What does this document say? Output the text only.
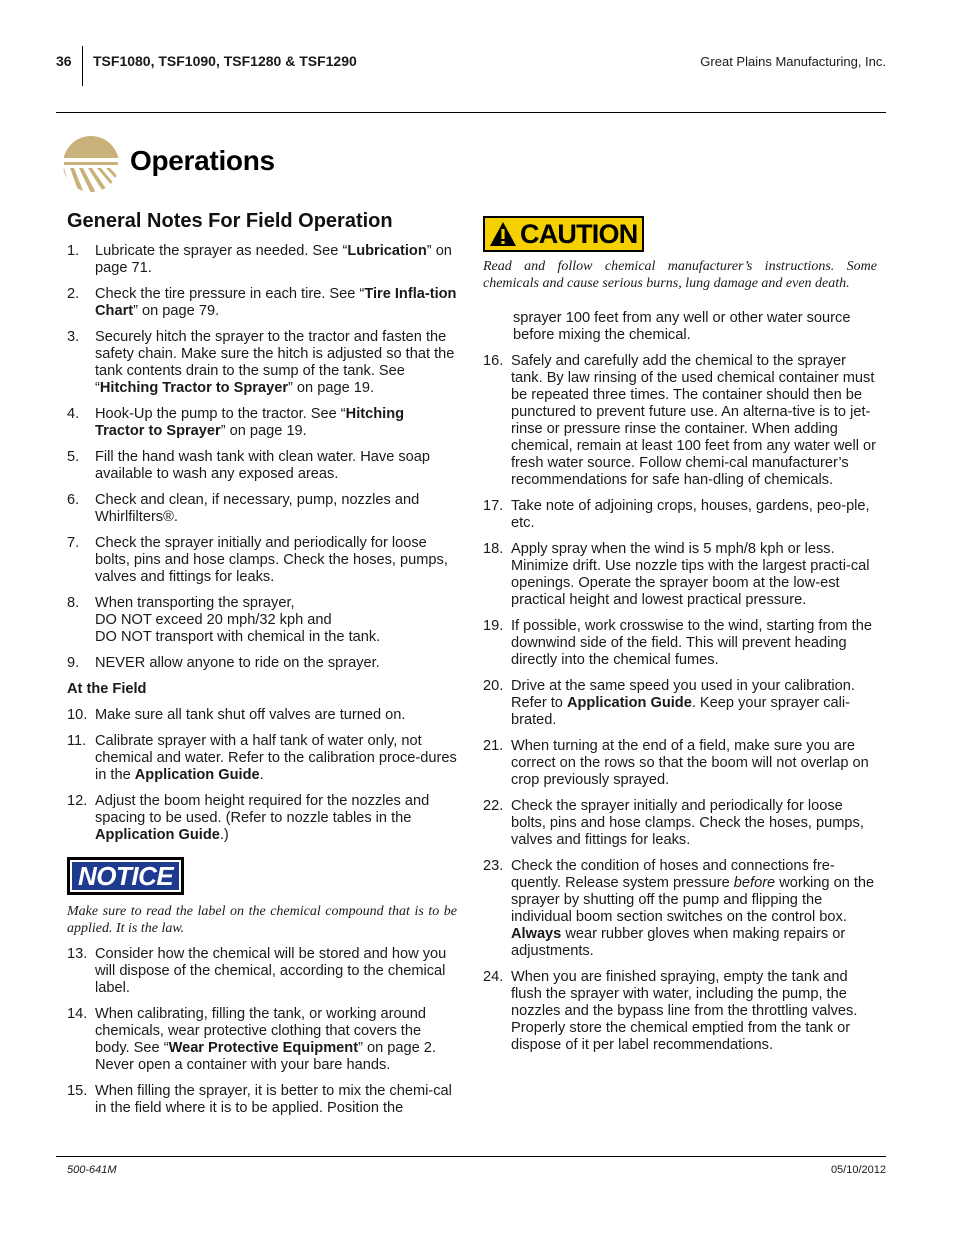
36 TSF1080, TSF1090, TSF1280 & TSF1290	Great Plains Manufacturing, Inc.
Operations
General Notes For Field Operation
1.	Lubricate the sprayer as needed. See “Lubrication” on page 71.
2.	Check the tire pressure in each tire. See “Tire Infla-tion Chart” on page 79.
3.	Securely hitch the sprayer to the tractor and fasten the safety chain. Make sure the hitch is adjusted so that the tank contents drain to the sump of the tank. See “Hitching Tractor to Sprayer” on page 19.
4.	Hook-Up the pump to the tractor. See “Hitching Tractor to Sprayer” on page 19.
5.	Fill the hand wash tank with clean water. Have soap available to wash any exposed areas.
6.	Check and clean, if necessary, pump, nozzles and Whirlfilters®.
7.	Check the sprayer initially and periodically for loose bolts, pins and hose clamps. Check the hoses, pumps, valves and fittings for leaks.
8.	When transporting the sprayer,
DO NOT exceed 20 mph/32 kph and
DO NOT transport with chemical in the tank.
9.	NEVER allow anyone to ride on the sprayer.
At the Field
10. Make sure all tank shut off valves are turned on.
11. Calibrate sprayer with a half tank of water only, not chemical and water. Refer to the calibration proce-dures in the Application Guide.
12. Adjust the boom height required for the nozzles and spacing to be used. (Refer to nozzle tables in the Application Guide.)
NOTICE
Make sure to read the label on the chemical compound that is to be applied. It is the law.
13. Consider how the chemical will be stored and how you will dispose of the chemical, according to the chemical label.
14. When calibrating, filling the tank, or working around chemicals, wear protective clothing that covers the body. See “Wear Protective Equipment” on page 2. Never open a container with your bare hands.
15. When filling the sprayer, it is better to mix the chemi-cal in the field where it is to be applied. Position the
CAUTION
Read and follow chemical manufacturer’s instructions. Some chemicals and cause serious burns, lung damage and even death.
sprayer 100 feet from any well or other water source before mixing the chemical.
16. Safely and carefully add the chemical to the sprayer tank. By law rinsing of the used chemical container must be repeated three times. The container should then be punctured to prevent future use. An alterna-tive is to jet-rinse or pressure rinse the container. When adding chemical, remain at least 100 feet from any water well or fresh water source. Follow chemi-cal manufacturer’s recommendations for safe han-dling of chemicals.
17. Take note of adjoining crops, houses, gardens, peo-ple, etc.
18. Apply spray when the wind is 5 mph/8 kph or less. Minimize drift. Use nozzle tips with the largest practi-cal openings. Operate the sprayer boom at the low-est practical height and lowest practical pressure.
19. If possible, work crosswise to the wind, starting from the downwind side of the field. This will prevent heading directly into the chemical fumes.
20. Drive at the same speed you used in your calibration. Refer to Application Guide. Keep your sprayer cali-brated.
21. When turning at the end of a field, make sure you are correct on the rows so that the boom will not overlap on crop previously sprayed.
22. Check the sprayer initially and periodically for loose bolts, pins and hose clamps. Check the hoses, pumps, valves and fittings for leaks.
23. Check the condition of hoses and connections fre-quently. Release system pressure before working on the sprayer by shutting off the pump and flipping the individual boom section switches on the control box. Always wear rubber gloves when making repairs or adjustments.
24. When you are finished spraying, empty the tank and flush the sprayer with water, including the pump, the nozzles and the bypass line from the throttling valves. Properly store the chemical emptied from the tank or dispose of it per label recommendations.
500-641M	05/10/2012
